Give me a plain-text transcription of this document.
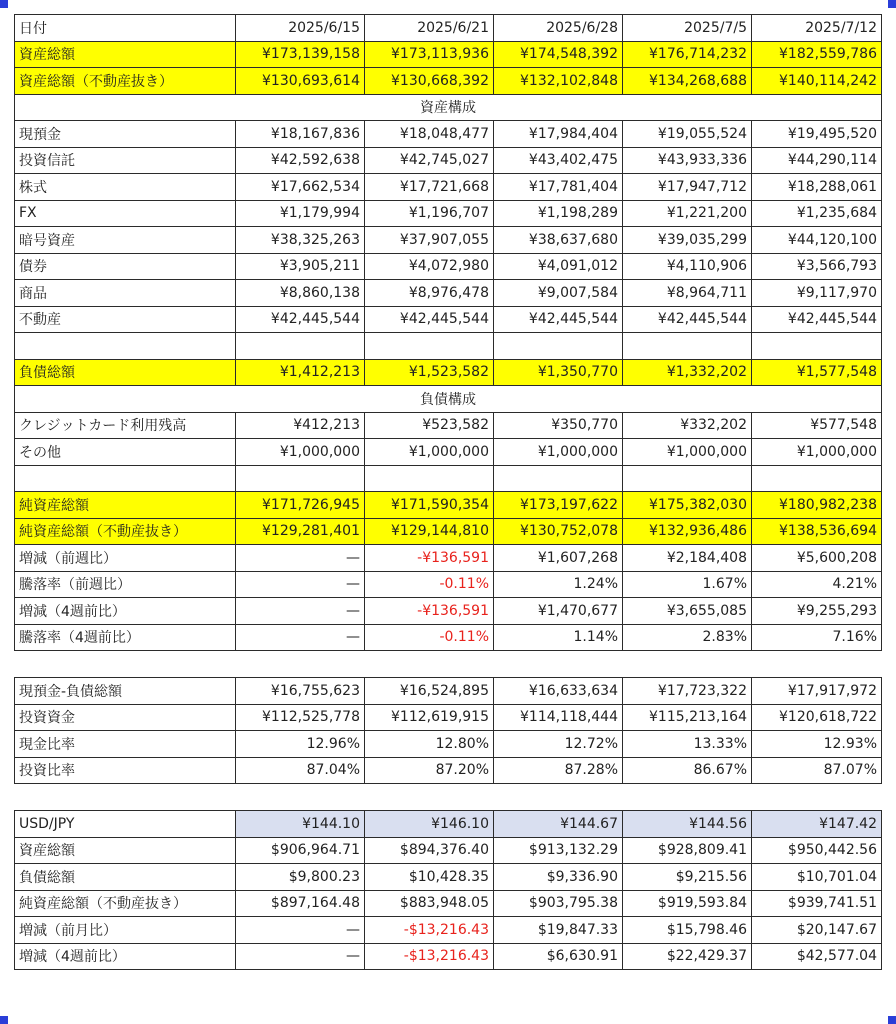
日付	2025/6/15	2025/6/21	2025/6/28	2025/7/5	2025/7/12
資産総額	¥173,139,158	¥173,113,936	¥174,548,392	¥176,714,232	¥182,559,786
資産総額（不動産抜き）	¥130,693,614	¥130,668,392	¥132,102,848	¥134,268,688	¥140,114,242
資産構成					
現預金	¥18,167,836	¥18,048,477	¥17,984,404	¥19,055,524	¥19,495,520
投資信託	¥42,592,638	¥42,745,027	¥43,402,475	¥43,933,336	¥44,290,114
株式	¥17,662,534	¥17,721,668	¥17,781,404	¥17,947,712	¥18,288,061
FX	¥1,179,994	¥1,196,707	¥1,198,289	¥1,221,200	¥1,235,684
暗号資産	¥38,325,263	¥37,907,055	¥38,637,680	¥39,035,299	¥44,120,100
債券	¥3,905,211	¥4,072,980	¥4,091,012	¥4,110,906	¥3,566,793
商品	¥8,860,138	¥8,976,478	¥9,007,584	¥8,964,711	¥9,117,970
不動産	¥42,445,544	¥42,445,544	¥42,445,544	¥42,445,544	¥42,445,544

負債総額	¥1,412,213	¥1,523,582	¥1,350,770	¥1,332,202	¥1,577,548
負債構成					
クレジットカード利用残高	¥412,213	¥523,582	¥350,770	¥332,202	¥577,548
その他	¥1,000,000	¥1,000,000	¥1,000,000	¥1,000,000	¥1,000,000

純資産総額	¥171,726,945	¥171,590,354	¥173,197,622	¥175,382,030	¥180,982,238
純資産総額（不動産抜き）	¥129,281,401	¥129,144,810	¥130,752,078	¥132,936,486	¥138,536,694
増減（前週比）	—	-¥136,591	¥1,607,268	¥2,184,408	¥5,600,208
騰落率（前週比）	—	-0.11%	1.24%	1.67%	4.21%
増減（4週前比）	—	-¥136,591	¥1,470,677	¥3,655,085	¥9,255,293
騰落率（4週前比）	—	-0.11%	1.14%	2.83%	7.16%
現預金-負債総額	¥16,755,623	¥16,524,895	¥16,633,634	¥17,723,322	¥17,917,972
投資資金	¥112,525,778	¥112,619,915	¥114,118,444	¥115,213,164	¥120,618,722
現金比率	12.96%	12.80%	12.72%	13.33%	12.93%
投資比率	87.04%	87.20%	87.28%	86.67%	87.07%
USD/JPY	¥144.10	¥146.10	¥144.67	¥144.56	¥147.42
資産総額	$906,964.71	$894,376.40	$913,132.29	$928,809.41	$950,442.56
負債総額	$9,800.23	$10,428.35	$9,336.90	$9,215.56	$10,701.04
純資産総額（不動産抜き）	$897,164.48	$883,948.05	$903,795.38	$919,593.84	$939,741.51
増減（前月比）	—	-$13,216.43	$19,847.33	$15,798.46	$20,147.67
増減（4週前比）	—	-$13,216.43	$6,630.91	$22,429.37	$42,577.04
